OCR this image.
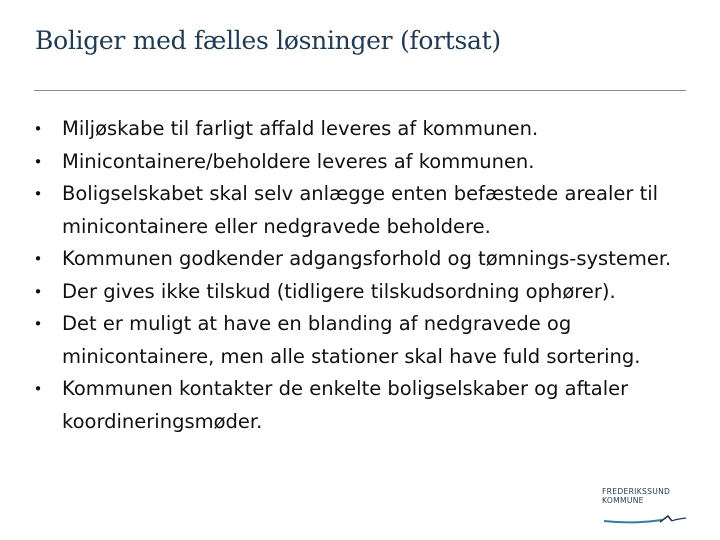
Boliger med fælles løsninger (fortsat)
• Miljøskabe til farligt affald leveres af kommunen.
• Minicontainere/beholdere leveres af kommunen.
• Boligselskabet skal selv anlægge enten befæstede arealer til minicontainere eller nedgravede beholdere.
• Kommunen godkender adgangsforhold og tømnings-systemer.
• Der gives ikke tilskud (tidligere tilskudsordning ophører).
• Det er muligt at have en blanding af nedgravede og minicontainere, men alle stationer skal have fuld sortering.
• Kommunen kontakter de enkelte boligselskaber og aftaler koordineringsmøder.
FREDERIKSSUND
KOMMUNE
